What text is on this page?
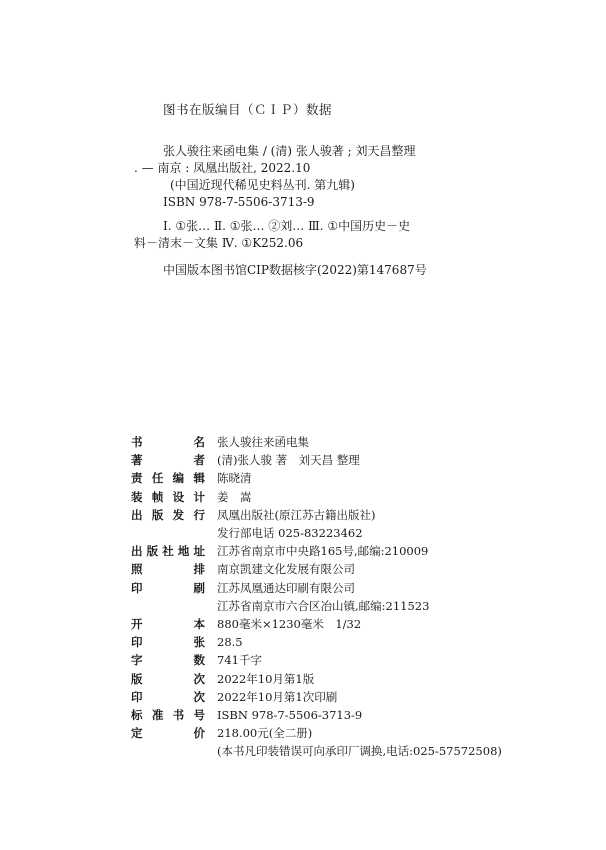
图书在版编目（ＣＩＰ）数据
张人骏往来函电集 / (清) 张人骏著 ; 刘天昌整理
. — 南京 : 凤凰出版社, 2022.10
(中国近现代稀见史料丛刊. 第九辑)
ISBN 978-7-5506-3713-9
Ⅰ. ①张… Ⅱ. ①张… ②刘… Ⅲ. ①中国历史－史
料－清末－文集 Ⅳ. ①K252.06
中国版本图书馆CIP数据核字(2022)第147687号
书名	张人骏往来函电集
著者	(清)张人骏 著　刘天昌 整理
责任编辑	陈晓清
装帧设计	姜　嵩
出版发行	凤凰出版社(原江苏古籍出版社)
	发行部电话 025-83223462
出版社地址	江苏省南京市中央路165号,邮编:210009
照排	南京凯建文化发展有限公司
印刷	江苏凤凰通达印刷有限公司
	江苏省南京市六合区冶山镇,邮编:211523
开本	880毫米×1230毫米　1/32
印张	28.5
字数	741千字
版次	2022年10月第1版
印次	2022年10月第1次印刷
标准书号	ISBN 978-7-5506-3713-9
定价	218.00元(全二册)
	(本书凡印装错误可向承印厂调换,电话:025-57572508)
